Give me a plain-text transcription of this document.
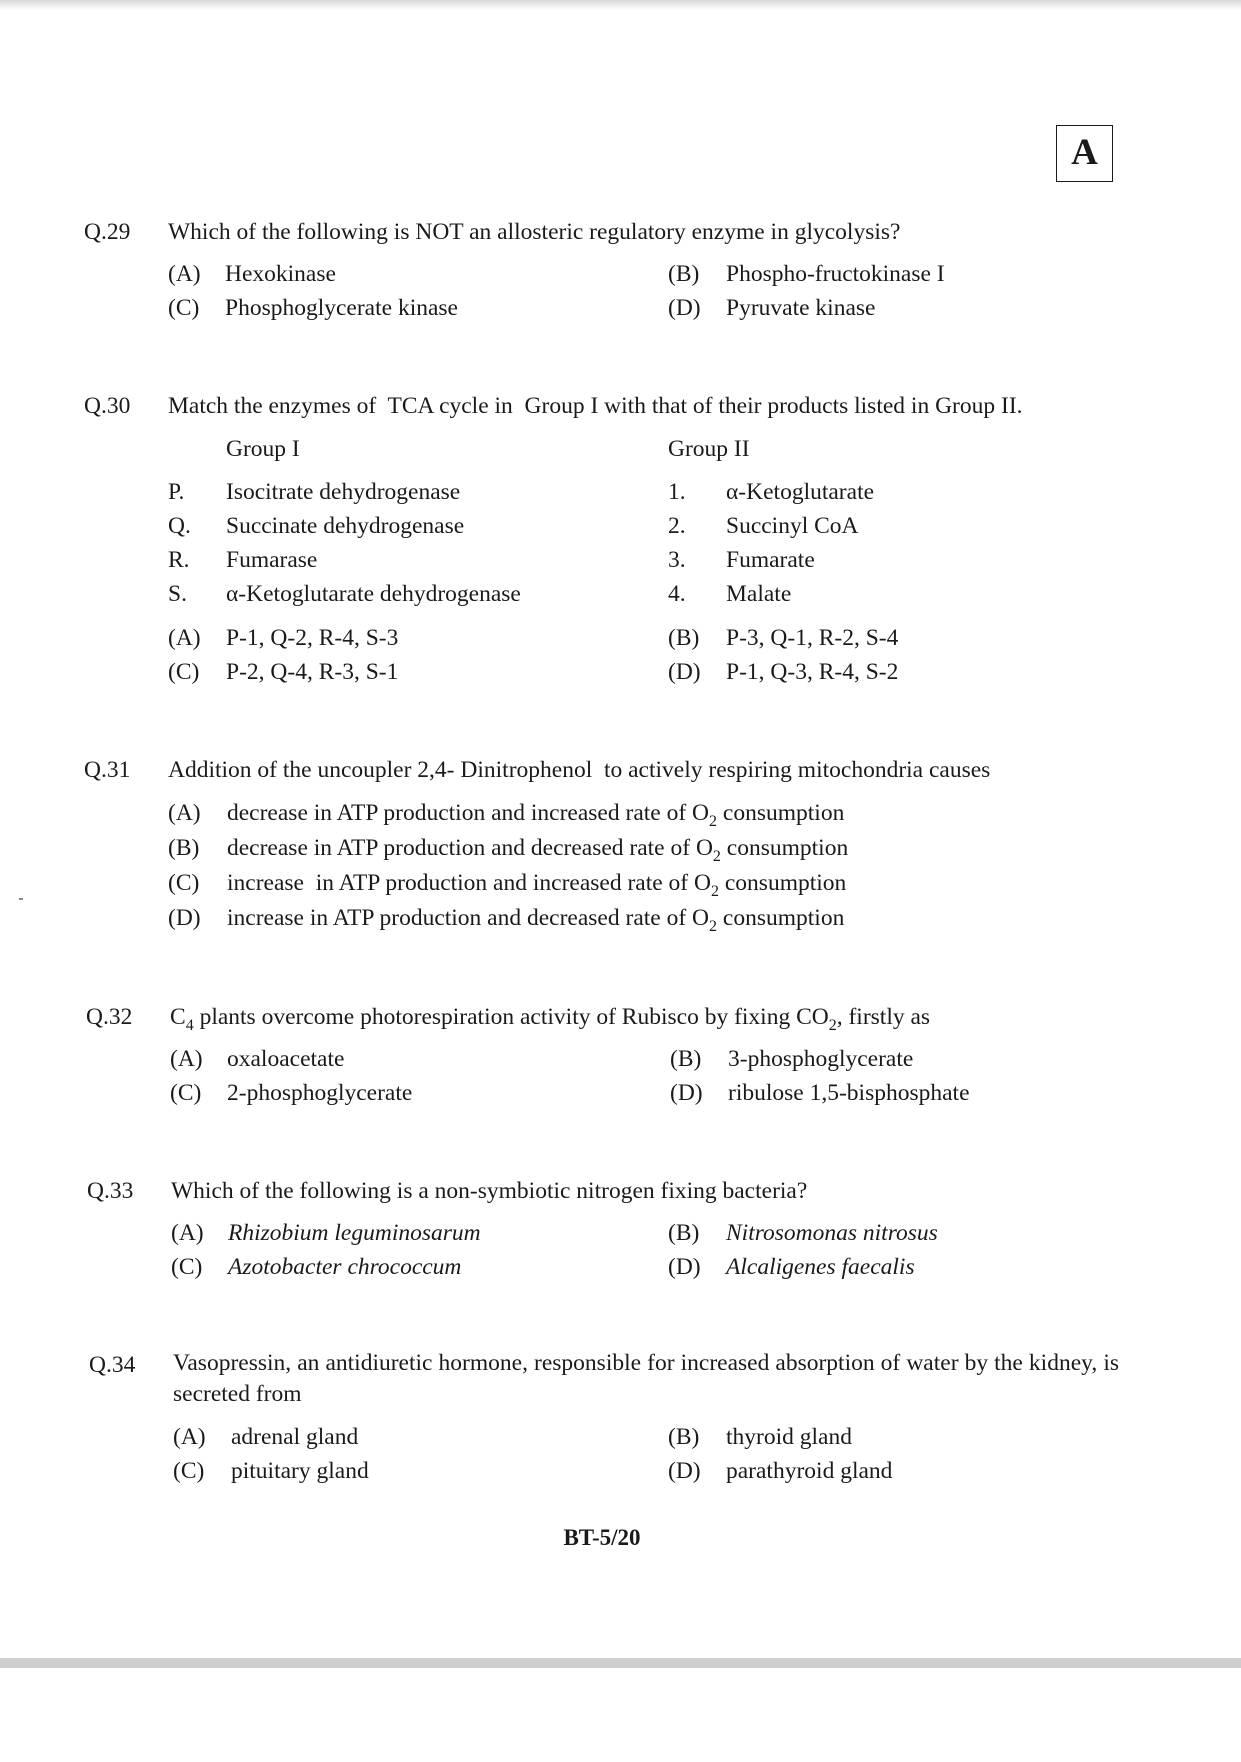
A
Q.29 Which of the following is NOT an allosteric regulatory enzyme in glycolysis?
(A) Hexokinase	(B) Phospho-fructokinase I
(C) Phosphoglycerate kinase	(D) Pyruvate kinase
Q.30 Match the enzymes of  TCA cycle in  Group I with that of their products listed in Group II.
Group I	Group II
P. Isocitrate dehydrogenase	1. α-Ketoglutarate
Q. Succinate dehydrogenase	2. Succinyl CoA
R. Fumarase	3. Fumarate
S. α-Ketoglutarate dehydrogenase	4. Malate
(A) P-1, Q-2, R-4, S-3	(B) P-3, Q-1, R-2, S-4
(C) P-2, Q-4, R-3, S-1	(D) P-1, Q-3, R-4, S-2
Q.31 Addition of the uncoupler 2,4- Dinitrophenol  to actively respiring mitochondria causes
(A) decrease in ATP production and increased rate of $O_2$ consumption
(B) decrease in ATP production and decreased rate of $O_2$ consumption
(C) increase  in ATP production and increased rate of $O_2$ consumption
(D) increase in ATP production and decreased rate of $O_2$ consumption
Q.32 $C_4$ plants overcome photorespiration activity of Rubisco by fixing $CO_2$, firstly as
(A) oxaloacetate	(B) 3-phosphoglycerate
(C) 2-phosphoglycerate	(D) ribulose 1,5-bisphosphate
Q.33 Which of the following is a non-symbiotic nitrogen fixing bacteria?
(A) Rhizobium leguminosarum	(B) Nitrosomonas nitrosus
(C) Azotobacter chrococcum	(D) Alcaligenes faecalis
Q.34 Vasopressin, an antidiuretic hormone, responsible for increased absorption of water by the kidney, is secreted from
(A) adrenal gland	(B) thyroid gland
(C) pituitary gland	(D) parathyroid gland
BT-5/20
